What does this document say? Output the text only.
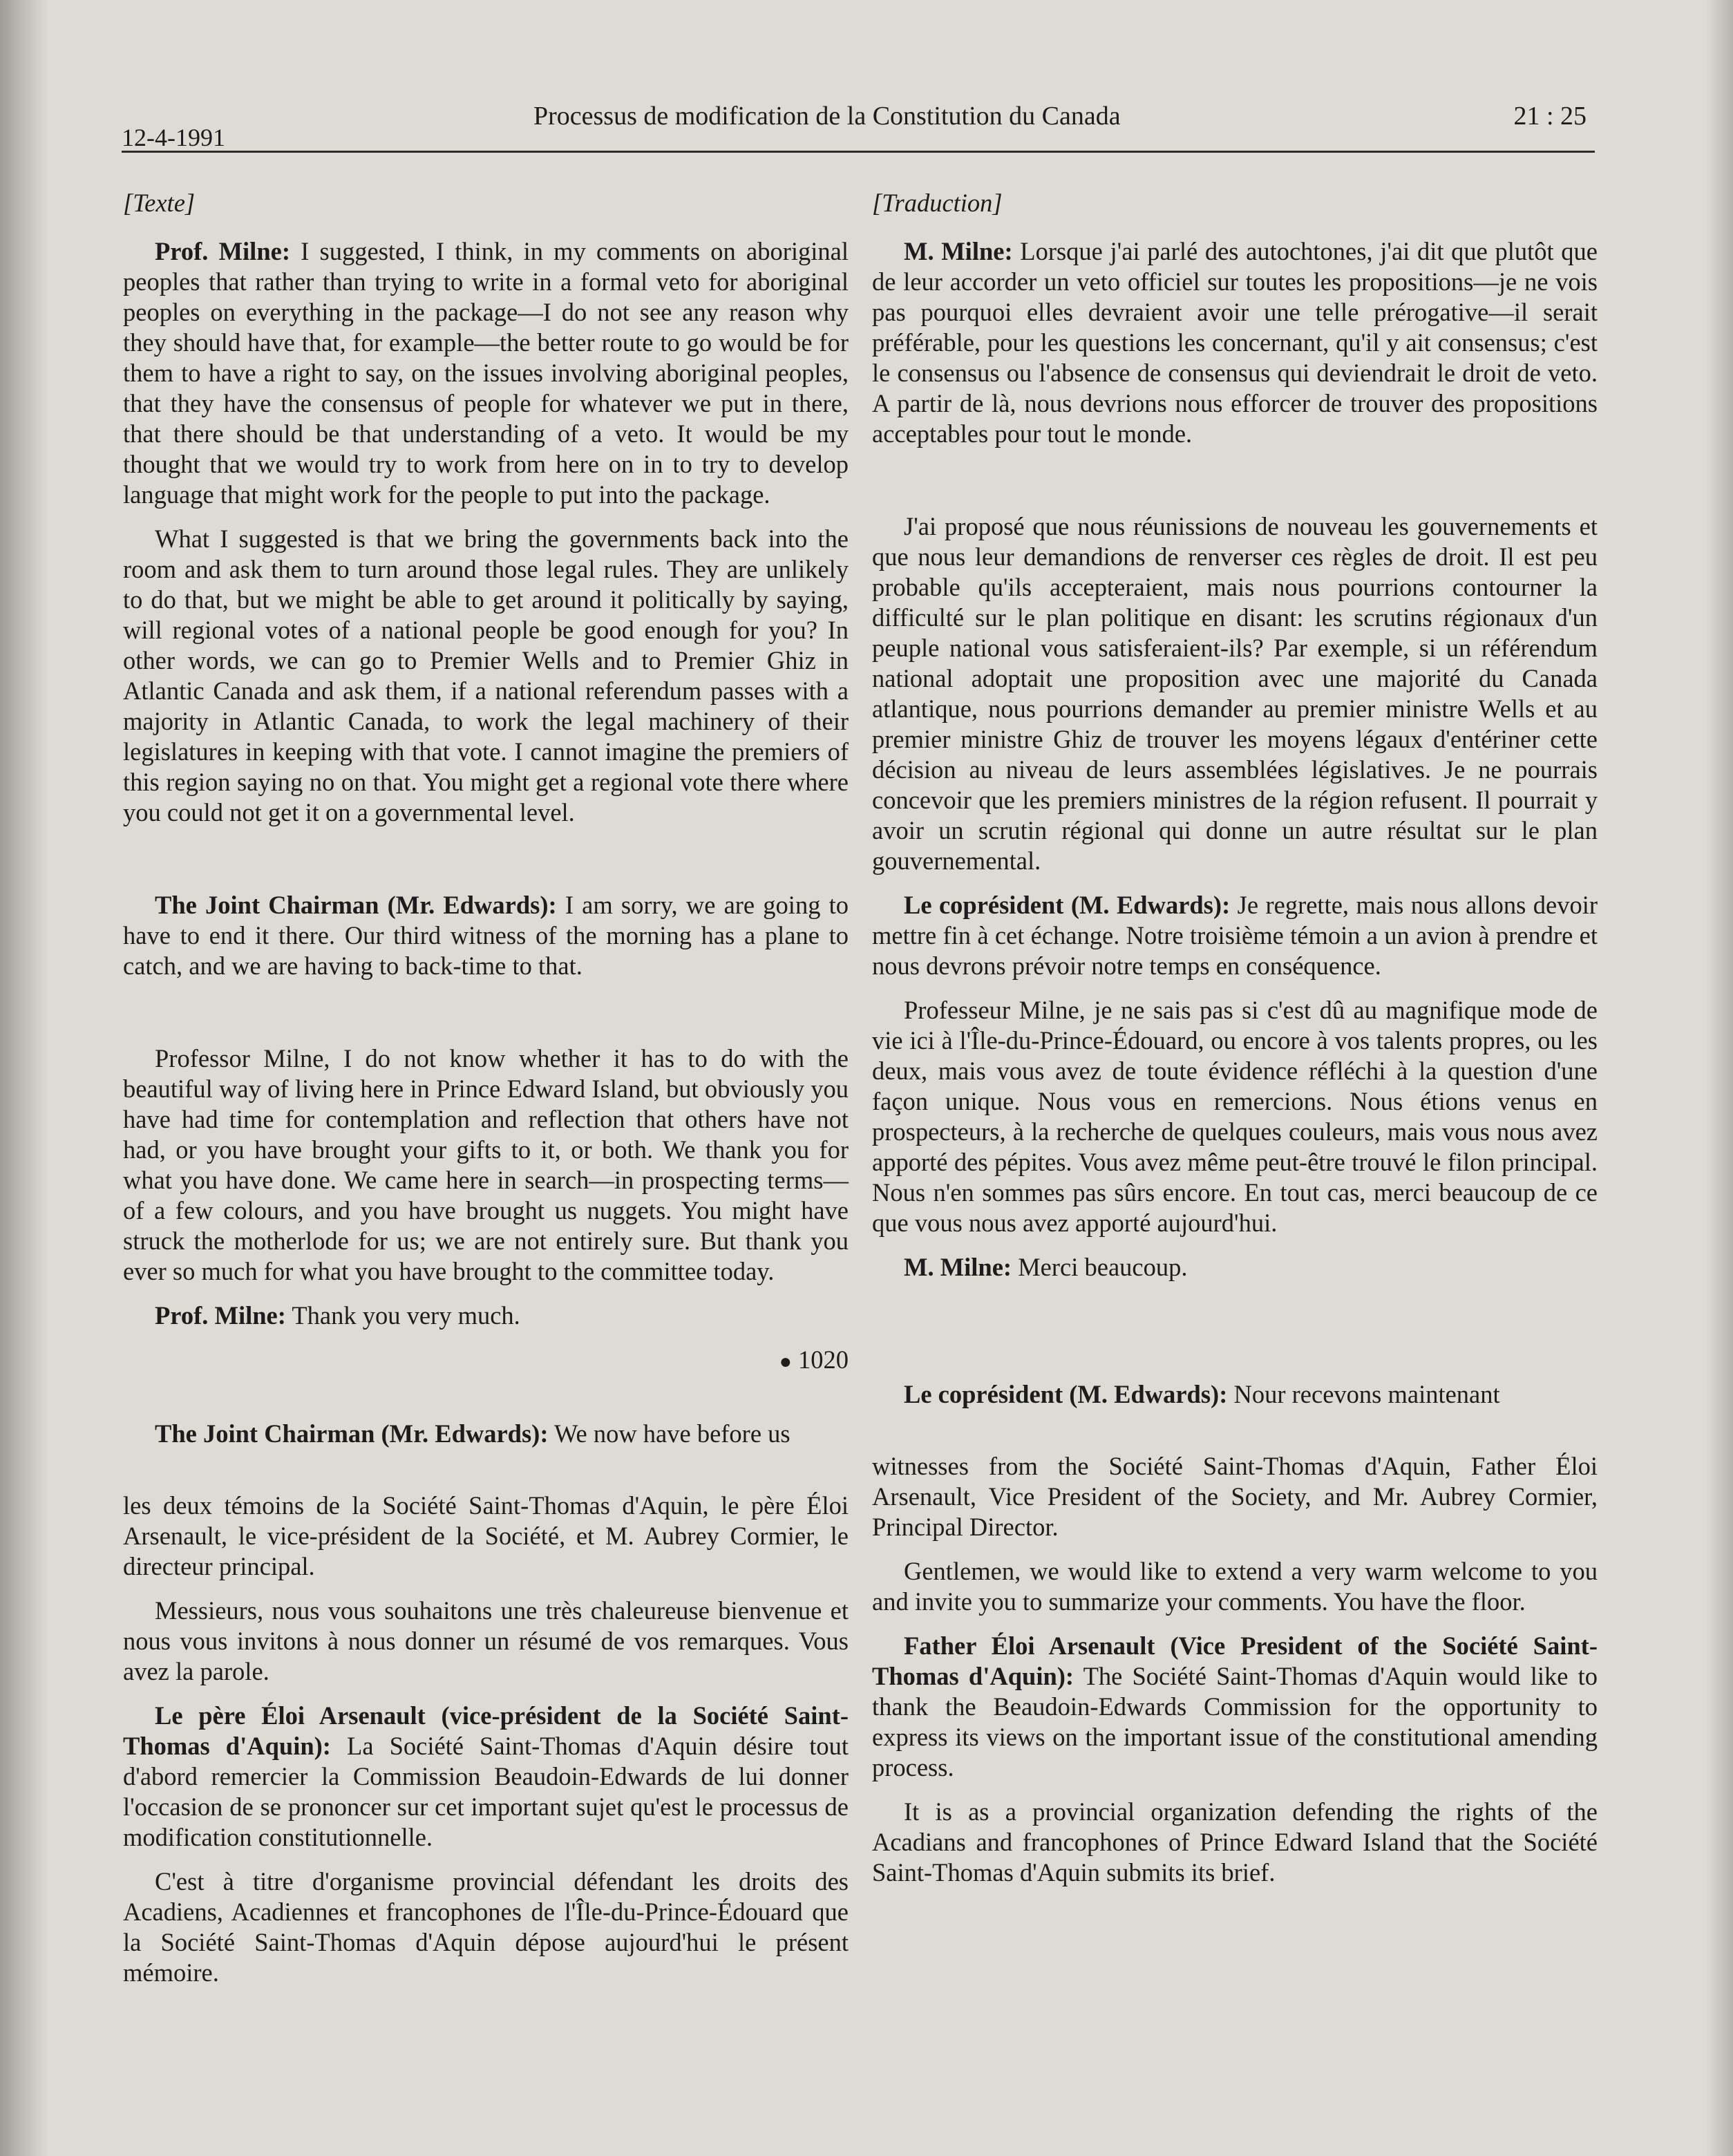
12-4-1991
Processus de modification de la Constitution du Canada	21 : 25

[Texte]

Prof. Milne: I suggested, I think, in my comments on aboriginal peoples that rather than trying to write in a formal veto for aboriginal peoples on everything in the package—I do not see any reason why they should have that, for example—the better route to go would be for them to have a right to say, on the issues involving aboriginal peoples, that they have the consensus of people for whatever we put in there, that there should be that understanding of a veto. It would be my thought that we would try to work from here on in to try to develop language that might work for the people to put into the package.

What I suggested is that we bring the governments back into the room and ask them to turn around those legal rules. They are unlikely to do that, but we might be able to get around it politically by saying, will regional votes of a national people be good enough for you? In other words, we can go to Premier Wells and to Premier Ghiz in Atlantic Canada and ask them, if a national referendum passes with a majority in Atlantic Canada, to work the legal machinery of their legislatures in keeping with that vote. I cannot imagine the premiers of this region saying no on that. You might get a regional vote there where you could not get it on a governmental level.

The Joint Chairman (Mr. Edwards): I am sorry, we are going to have to end it there. Our third witness of the morning has a plane to catch, and we are having to back-time to that.

Professor Milne, I do not know whether it has to do with the beautiful way of living here in Prince Edward Island, but obviously you have had time for contemplation and reflection that others have not had, or you have brought your gifts to it, or both. We thank you for what you have done. We came here in search—in prospecting terms—of a few colours, and you have brought us nuggets. You might have struck the motherlode for us; we are not entirely sure. But thank you ever so much for what you have brought to the committee today.

Prof. Milne: Thank you very much.

● 1020

The Joint Chairman (Mr. Edwards): We now have before us

les deux témoins de la Société Saint-Thomas d'Aquin, le père Éloi Arsenault, le vice-président de la Société, et M. Aubrey Cormier, le directeur principal.

Messieurs, nous vous souhaitons une très chaleureuse bienvenue et nous vous invitons à nous donner un résumé de vos remarques. Vous avez la parole.

Le père Éloi Arsenault (vice-président de la Société Saint-Thomas d'Aquin): La Société Saint-Thomas d'Aquin désire tout d'abord remercier la Commission Beaudoin-Edwards de lui donner l'occasion de se prononcer sur cet important sujet qu'est le processus de modification constitutionnelle.

C'est à titre d'organisme provincial défendant les droits des Acadiens, Acadiennes et francophones de l'Île-du-Prince-Édouard que la Société Saint-Thomas d'Aquin dépose aujourd'hui le présent mémoire.

[Traduction]

M. Milne: Lorsque j'ai parlé des autochtones, j'ai dit que plutôt que de leur accorder un veto officiel sur toutes les propositions—je ne vois pas pourquoi elles devraient avoir une telle prérogative—il serait préférable, pour les questions les concernant, qu'il y ait consensus; c'est le consensus ou l'absence de consensus qui deviendrait le droit de veto. A partir de là, nous devrions nous efforcer de trouver des propositions acceptables pour tout le monde.

J'ai proposé que nous réunissions de nouveau les gouvernements et que nous leur demandions de renverser ces règles de droit. Il est peu probable qu'ils accepteraient, mais nous pourrions contourner la difficulté sur le plan politique en disant: les scrutins régionaux d'un peuple national vous satisferaient-ils? Par exemple, si un référendum national adoptait une proposition avec une majorité du Canada atlantique, nous pourrions demander au premier ministre Wells et au premier ministre Ghiz de trouver les moyens légaux d'entériner cette décision au niveau de leurs assemblées législatives. Je ne pourrais concevoir que les premiers ministres de la région refusent. Il pourrait y avoir un scrutin régional qui donne un autre résultat sur le plan gouvernemental.

Le coprésident (M. Edwards): Je regrette, mais nous allons devoir mettre fin à cet échange. Notre troisième témoin a un avion à prendre et nous devrons prévoir notre temps en conséquence.

Professeur Milne, je ne sais pas si c'est dû au magnifique mode de vie ici à l'Île-du-Prince-Édouard, ou encore à vos talents propres, ou les deux, mais vous avez de toute évidence réfléchi à la question d'une façon unique. Nous vous en remercions. Nous étions venus en prospecteurs, à la recherche de quelques couleurs, mais vous nous avez apporté des pépites. Vous avez même peut-être trouvé le filon principal. Nous n'en sommes pas sûrs encore. En tout cas, merci beaucoup de ce que vous nous avez apporté aujourd'hui.

M. Milne: Merci beaucoup.

Le coprésident (M. Edwards): Nour recevons maintenant

witnesses from the Société Saint-Thomas d'Aquin, Father Éloi Arsenault, Vice President of the Society, and Mr. Aubrey Cormier, Principal Director.

Gentlemen, we would like to extend a very warm welcome to you and invite you to summarize your comments. You have the floor.

Father Éloi Arsenault (Vice President of the Société Saint-Thomas d'Aquin): The Société Saint-Thomas d'Aquin would like to thank the Beaudoin-Edwards Commission for the opportunity to express its views on the important issue of the constitutional amending process.

It is as a provincial organization defending the rights of the Acadians and francophones of Prince Edward Island that the Société Saint-Thomas d'Aquin submits its brief.
